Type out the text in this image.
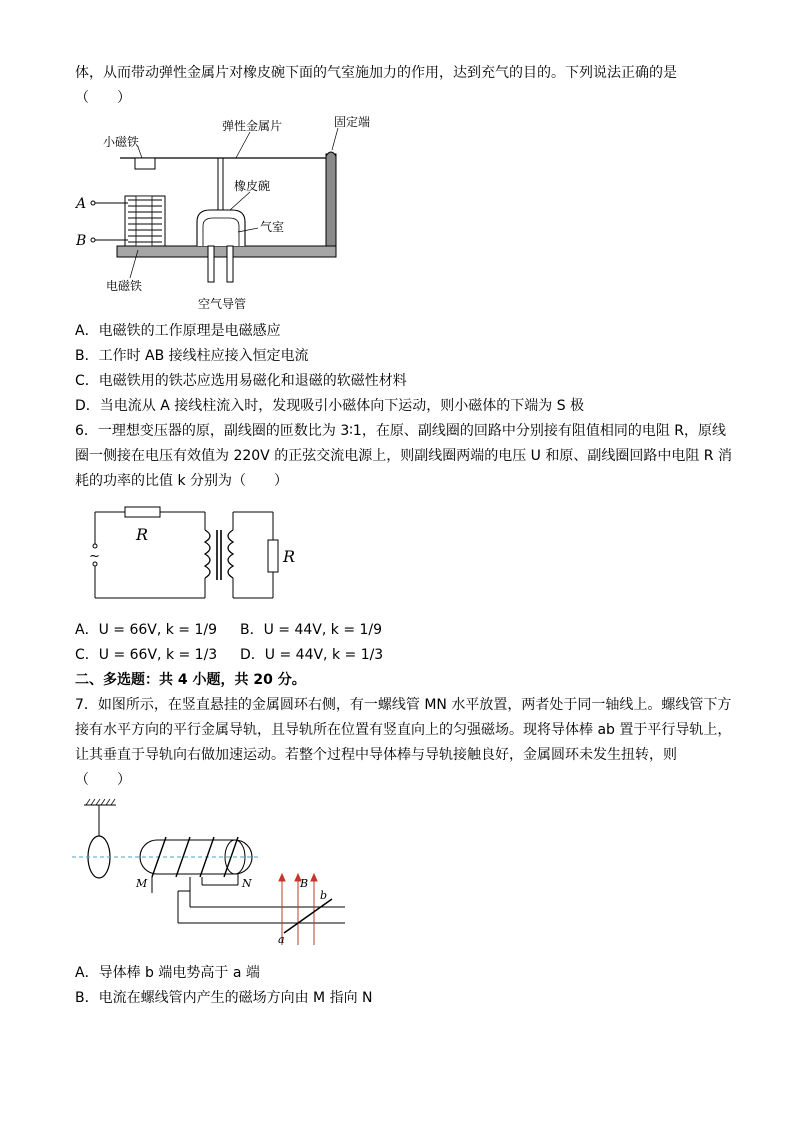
体，从而带动弹性金属片对橡皮碗下面的气室施加力的作用，达到充气的目的。下列说法正确的是
（　　）
小磁铁
弹性金属片	固定端
橡皮碗
气室
A
B
电磁铁
空气导管
A．电磁铁的工作原理是电磁感应
B．工作时 AB 接线柱应接入恒定电流
C．电磁铁用的铁芯应选用易磁化和退磁的软磁性材料
D．当电流从 A 接线柱流入时，发现吸引小磁体向下运动，则小磁体的下端为 S 极
6．一理想变压器的原，副线圈的匝数比为 3∶1，在原、副线圈的回路中分别接有阻值相同的电阻 R，原线
圈一侧接在电压有效值为 220V 的正弦交流电源上，则副线圈两端的电压 U 和原、副线圈回路中电阻 R 消
耗的功率的比值 k 分别为（　　）
~
R
R
A．U = 66V, k = 1/9 B．U = 44V, k = 1/9
C．U = 66V, k = 1/3 D．U = 44V, k = 1/3
二、多选题：共 4 小题，共 20 分。
7．如图所示，在竖直悬挂的金属圆环右侧，有一螺线管 MN 水平放置，两者处于同一轴线上。螺线管下方
接有水平方向的平行金属导轨，且导轨所在位置有竖直向上的匀强磁场。现将导体棒 ab 置于平行导轨上，
让其垂直于导轨向右做加速运动。若整个过程中导体棒与导轨接触良好，金属圆环未发生扭转，则
（　　）
M	N	B
a
b
A．导体棒 b 端电势高于 a 端
B．电流在螺线管内产生的磁场方向由 M 指向 N
